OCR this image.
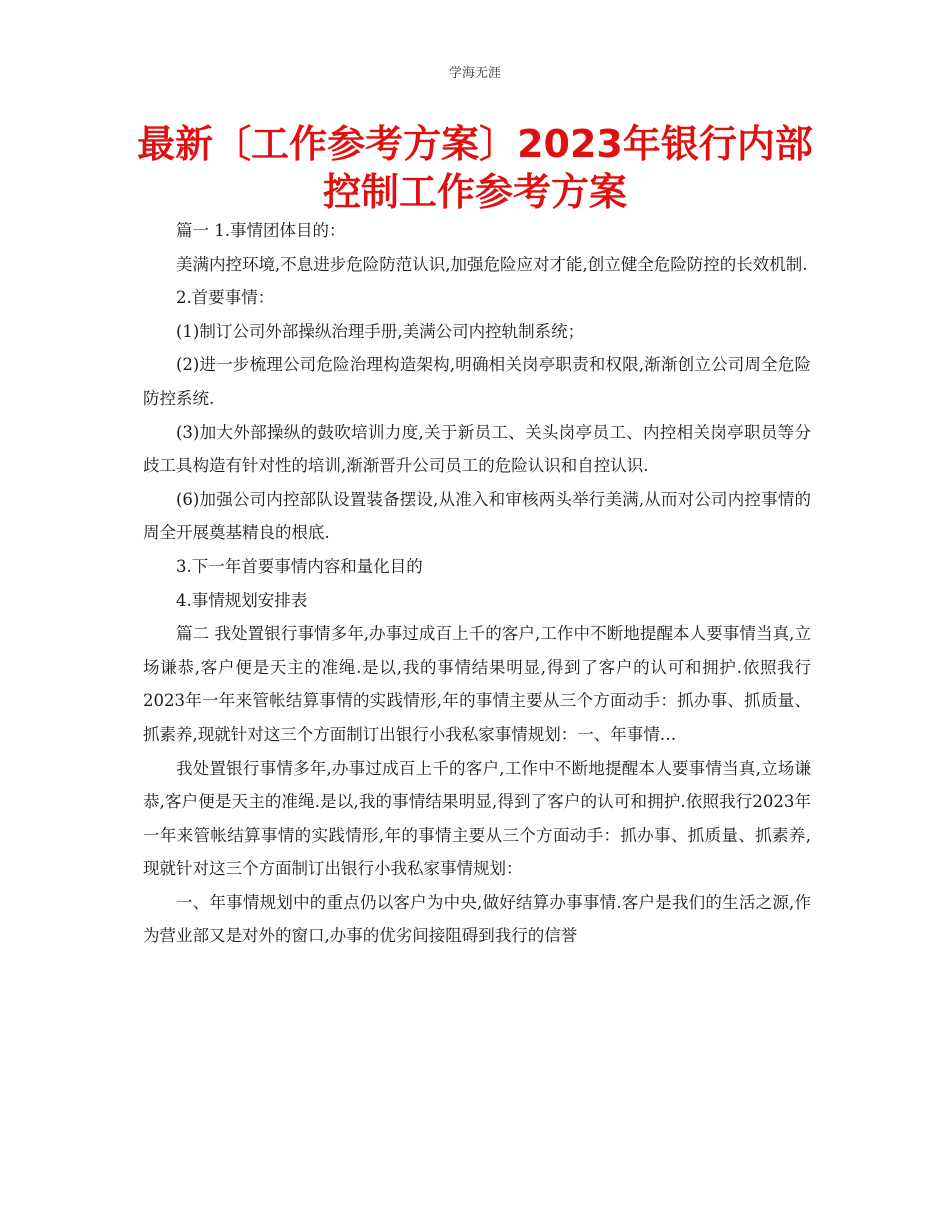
学海无涯
最新〔工作参考方案〕2023年银行内部控制工作参考方案

篇一 1.事情团体目的：

美满内控环境,不息进步危险防范认识,加强危险应对才能,创立健全危险防控的长效机制.

2.首要事情：

(1)制订公司外部操纵治理手册,美满公司内控轨制系统；

(2)进一步梳理公司危险治理构造架构,明确相关岗亭职责和权限,渐渐创立公司周全危险防控系统.

(3)加大外部操纵的鼓吹培训力度,关于新员工、关头岗亭员工、内控相关岗亭职员等分歧工具构造有针对性的培训,渐渐晋升公司员工的危险认识和自控认识.

(6)加强公司内控部队设置装备摆设,从准入和审核两头举行美满,从而对公司内控事情的周全开展奠基精良的根底.

3.下一年首要事情内容和量化目的

4.事情规划安排表

篇二 我处置银行事情多年,办事过成百上千的客户,工作中不断地提醒本人要事情当真,立场谦恭,客户便是天主的准绳.是以,我的事情结果明显,得到了客户的认可和拥护.依照我行2023年一年来管帐结算事情的实践情形,年的事情主要从三个方面动手：抓办事、抓质量、抓素养,现就针对这三个方面制订出银行小我私家事情规划：一、年事情…

我处置银行事情多年,办事过成百上千的客户,工作中不断地提醒本人要事情当真,立场谦恭,客户便是天主的准绳.是以,我的事情结果明显,得到了客户的认可和拥护.依照我行2023年一年来管帐结算事情的实践情形,年的事情主要从三个方面动手：抓办事、抓质量、抓素养,现就针对这三个方面制订出银行小我私家事情规划：

一、年事情规划中的重点仍以客户为中央,做好结算办事事情.客户是我们的生活之源,作为营业部又是对外的窗口,办事的优劣间接阻碍到我行的信誉
